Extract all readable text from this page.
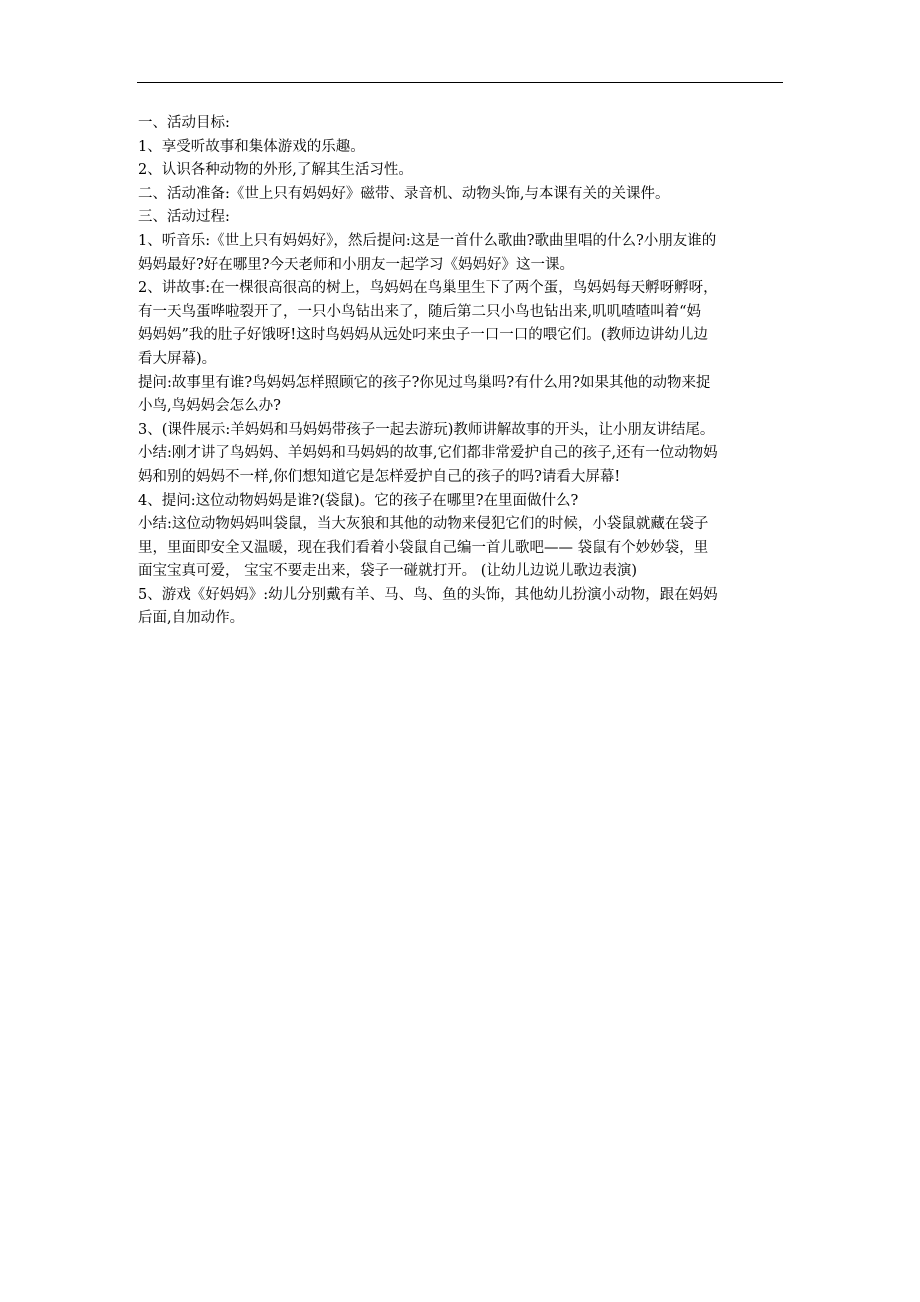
一、活动目标:
1、享受听故事和集体游戏的乐趣。
2、认识各种动物的外形,了解其生活习性。
二、活动准备:《世上只有妈妈好》磁带、录音机、动物头饰,与本课有关的关课件。
三、活动过程:
1、听音乐:《世上只有妈妈好》，然后提问:这是一首什么歌曲?歌曲里唱的什么?小朋友谁的
妈妈最好?好在哪里?今天老师和小朋友一起学习《妈妈好》这一课。
2、讲故事:在一棵很高很高的树上，鸟妈妈在鸟巢里生下了两个蛋，鸟妈妈每天孵呀孵呀，
有一天鸟蛋哗啦裂开了，一只小鸟钻出来了，随后第二只小鸟也钻出来,叽叽喳喳叫着“妈
妈妈妈”我的肚子好饿呀!这时鸟妈妈从远处叼来虫子一口一口的喂它们。(教师边讲幼儿边
看大屏幕)。
提问:故事里有谁?鸟妈妈怎样照顾它的孩子?你见过鸟巢吗?有什么用?如果其他的动物来捉
小鸟,鸟妈妈会怎么办?
3、(课件展示:羊妈妈和马妈妈带孩子一起去游玩)教师讲解故事的开头，让小朋友讲结尾。
小结:刚才讲了鸟妈妈、羊妈妈和马妈妈的故事,它们都非常爱护自己的孩子,还有一位动物妈
妈和别的妈妈不一样,你们想知道它是怎样爱护自己的孩子的吗?请看大屏幕!
4、提问:这位动物妈妈是谁?(袋鼠)。它的孩子在哪里?在里面做什么?
小结:这位动物妈妈叫袋鼠，当大灰狼和其他的动物来侵犯它们的时候，小袋鼠就藏在袋子
里，里面即安全又温暖，现在我们看着小袋鼠自己编一首儿歌吧—— 袋鼠有个妙妙袋，里
面宝宝真可爱， 宝宝不要走出来，袋子一碰就打开。 (让幼儿边说儿歌边表演)
5、游戏《好妈妈》:幼儿分别戴有羊、马、鸟、鱼的头饰，其他幼儿扮演小动物，跟在妈妈
后面,自加动作。
